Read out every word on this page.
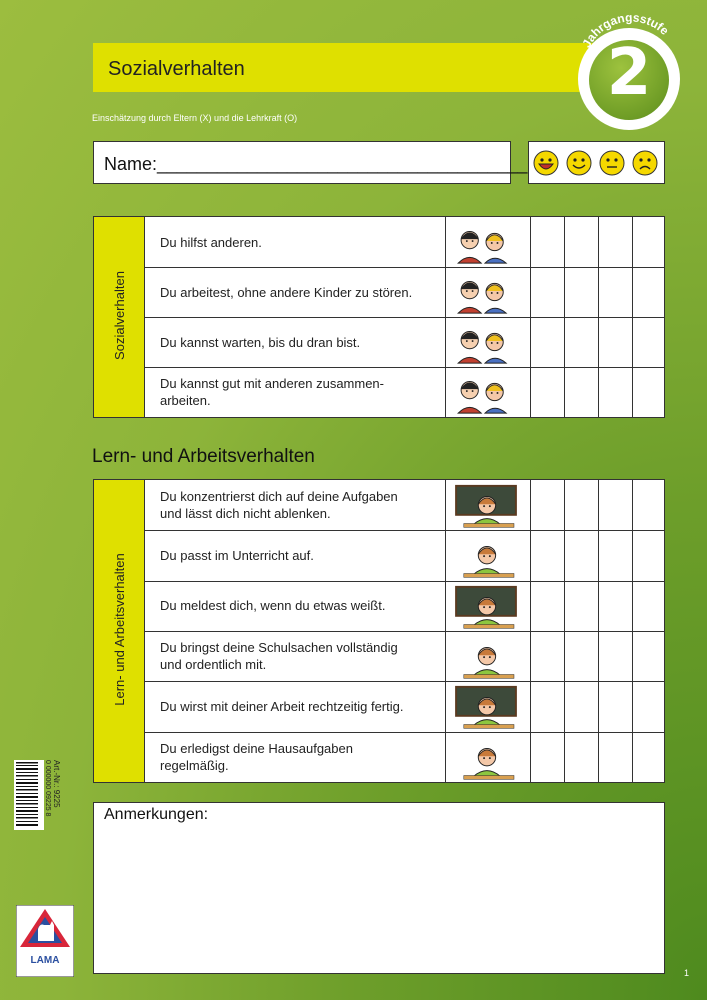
Sozialverhalten	2
Jahrgangsstufe
Einschätzung durch Eltern (X) und die Lehrkraft (O)
Name:_____________________________________
Sozialverhalten
Du hilfst anderen.
Du arbeitest, ohne andere Kinder zu stören.
Du kannst warten, bis du dran bist.
Du kannst gut mit anderen zusammen-
arbeiten.
Lern- und Arbeitsverhalten
Lern- und Arbeitsverhalten
Du konzentrierst dich auf deine Aufgaben
und lässt dich nicht ablenken.
Du passt im Unterricht auf.
Du meldest dich, wenn du etwas weißt.
Du bringst deine Schulsachen vollständig
und ordentlich mit.
Du wirst mit deiner Arbeit rechtzeitig fertig.
Du erledigst deine Hausaufgaben
regelmäßig.
Anmerkungen:
0 000000 09225 8 Art.-Nr.: 9225
LAMA
1
